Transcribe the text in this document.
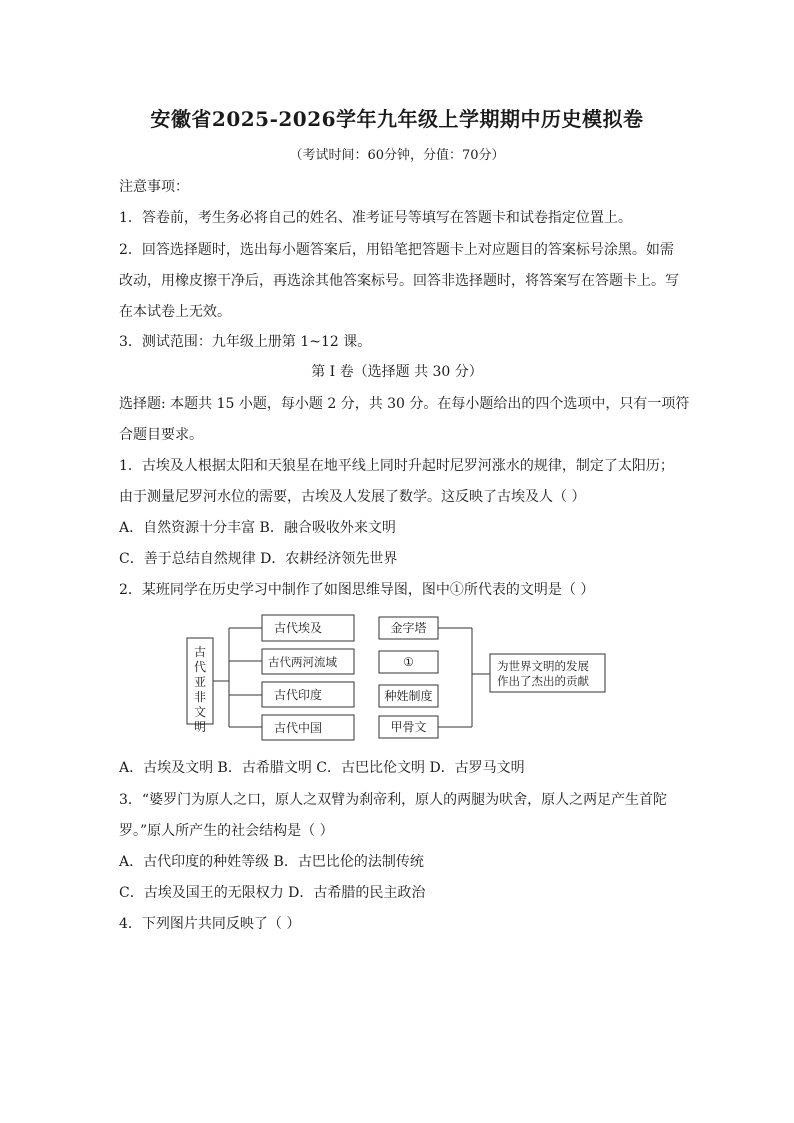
安徽省2025-2026学年九年级上学期期中历史模拟卷
（考试时间：60分钟，分值：70分）
注意事项：
1．答卷前，考生务必将自己的姓名、准考证号等填写在答题卡和试卷指定位置上。
2．回答选择题时，选出每小题答案后，用铅笔把答题卡上对应题目的答案标号涂黑。如需
改动，用橡皮擦干净后，再选涂其他答案标号。回答非选择题时，将答案写在答题卡上。写
在本试卷上无效。
3．测试范围：九年级上册第 1~12 课。
第 I 卷（选择题 共 30 分）
选择题: 本题共 15 小题，每小题 2 分，共 30 分。在每小题给出的四个选项中，只有一项符
合题目要求。
1．古埃及人根据太阳和天狼星在地平线上同时升起时尼罗河涨水的规律，制定了太阳历；
由于测量尼罗河水位的需要，古埃及人发展了数学。这反映了古埃及人（ ）
A．自然资源十分丰富 B．融合吸收外来文明
C．善于总结自然规律 D．农耕经济领先世界
2．某班同学在历史学习中制作了如图思维导图，图中①所代表的文明是（ ）
古
代
亚
非
文
明
古代埃及
古代两河流域
古代印度
古代中国
金字塔
①
种姓制度
甲骨文
为世界文明的发展
作出了杰出的贡献
A．古埃及文明 B．古希腊文明 C．古巴比伦文明 D．古罗马文明
3．“婆罗门为原人之口，原人之双臂为刹帝利，原人的两腿为吠舍，原人之两足产生首陀
罗。”原人所产生的社会结构是（ ）
A．古代印度的种姓等级 B．古巴比伦的法制传统
C．古埃及国王的无限权力 D．古希腊的民主政治
4．下列图片共同反映了（ ）
